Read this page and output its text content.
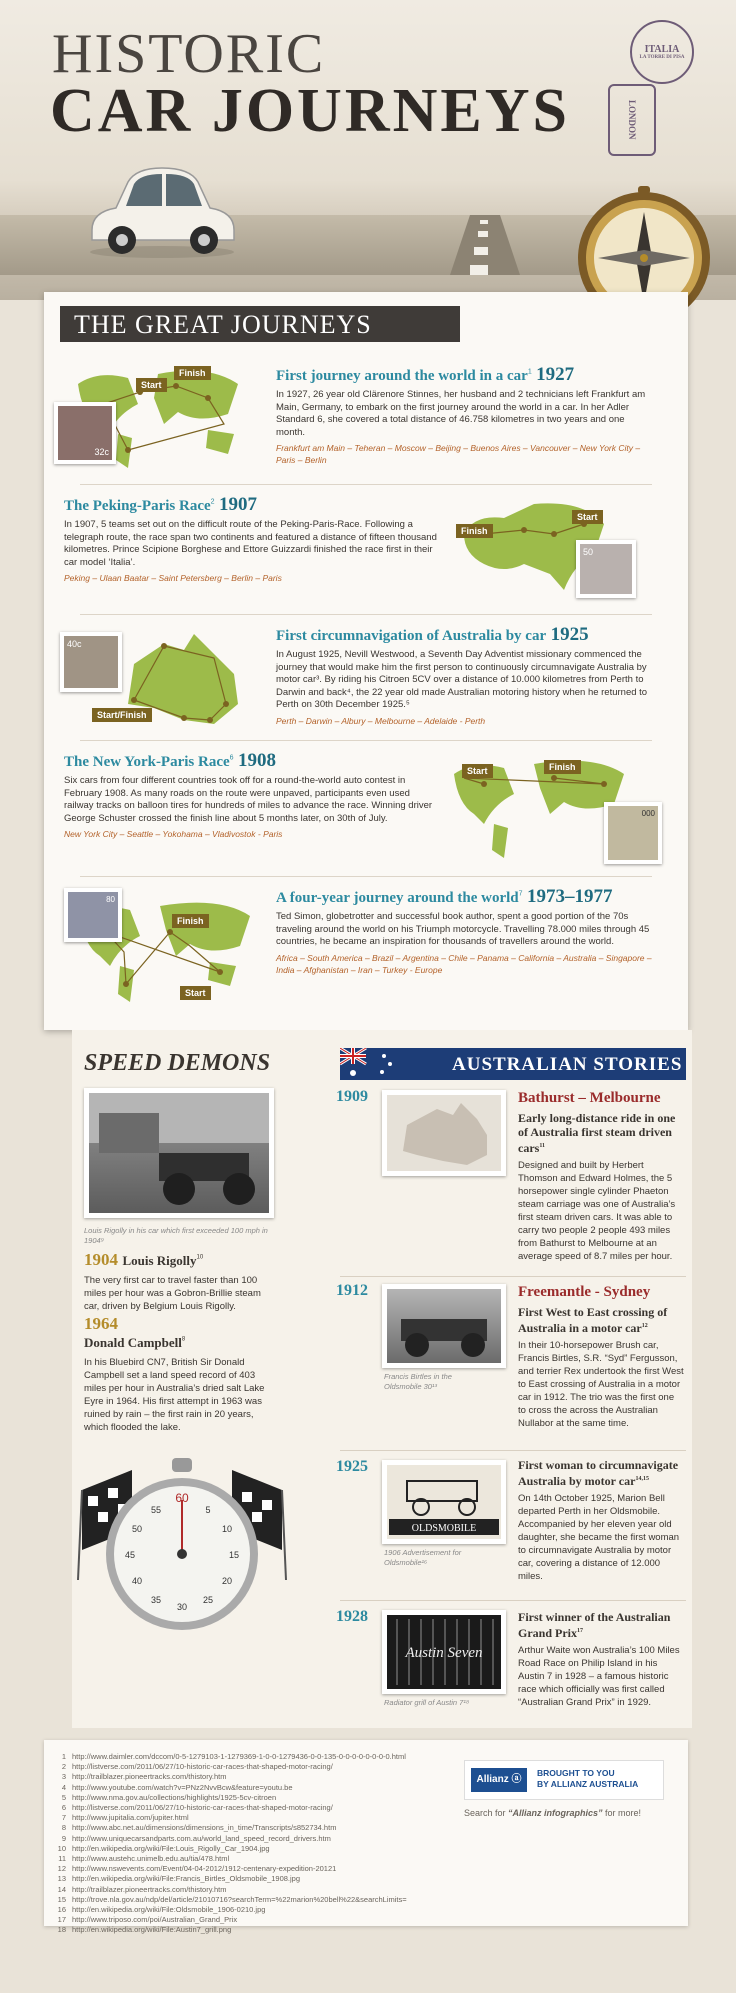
HISTORIC
CAR JOURNEYS
ITALIA
LA TORRE DI PISA
LONDON
THE GREAT JOURNEYS
Start
Finish
32c
First journey around the world in a car$^1$ 1927
In 1927, 26 year old Clärenore Stinnes, her husband and 2 technicians left Frankfurt am Main, Germany, to embark on the first journey around the world in a car. In her Adler Standard 6, she covered a total distance of 46.758 kilometres in two years and one month.
Frankfurt am Main – Teheran – Moscow – Beijing – Buenos Aires – Vancouver – New York City – Paris – Berlin
The Peking-Paris Race$^2$ 1907
In 1907, 5 teams set out on the difficult route of the Peking-Paris-Race. Following a telegraph route, the race span two continents and featured a distance of fifteen thousand kilometres. Prince Scipione Borghese and Ettore Guizzardi finished the race first in their car model ‘Italia’.
Peking – Ulaan Baatar – Saint Petersberg – Berlin – Paris
Finish
Start
50
40c
Start/Finish
First circumnavigation of Australia by car 1925
In August 1925, Nevill Westwood, a Seventh Day Adventist missionary commenced the journey that would make him the first person to continuously circumnavigate Australia by motor car³. By riding his Citroen 5CV over a distance of 10.000 kilometres from Perth to Darwin and back⁴, the 22 year old made Australian motoring history when he returned to Perth on 30th December 1925.⁵
Perth – Darwin – Albury – Melbourne – Adelaide - Perth
The New York-Paris Race$^6$ 1908
Six cars from four different countries took off for a round-the-world auto contest in February 1908. As many roads on the route were unpaved, participants even used railway tracks on balloon tires for hundreds of miles to advance the race. Winning driver George Schuster crossed the finish line about 5 months later, on 30th of July.
New York City – Seattle – Yokohama – Vladivostok - Paris
Start	Finish
000
Finish
Start
80	A four-year journey around the world$^7$ 1973–1977
Ted Simon, globetrotter and successful book author, spent a good portion of the 70s traveling around the world on his Triumph motorcycle. Travelling 78.000 miles through 45 countries, he became an inspiration for thousands of travellers around the world.
Africa – South America – Brazil – Argentina – Chile – Panama – California – Australia – Singapore – India – Afghanistan – Iran – Turkey - Europe
SPEED DEMONS
Louis Rigolly in his car which first exceeded 100 mph in 1904⁹
1904 Louis Rigolly$^{10}$
The very first car to travel faster than 100 miles per hour was a Gobron-Brillie steam car, driven by Belgium Louis Rigolly.
1964
Donald Campbell$^8$
In his Bluebird CN7, British Sir Donald Campbell set a land speed record of 403 miles per hour in Australia’s dried salt Lake Eyre in 1964. His first attempt in 1963 was ruined by rain – the first rain in 20 years, which flooded the lake.
60
5
10
15
20
25
30
35
40
45
50
55
AUSTRALIAN STORIES
1909	Bathurst – Melbourne
Early long-distance ride in one of Australia first steam driven cars$^{11}$
Designed and built by Herbert Thomson and Edward Holmes, the 5 horsepower single cylinder Phaeton steam carriage was one of Australia’s first steam driven cars. It was able to carry two people 2 people 493 miles from Bathurst to Melbourne at an average speed of 8.7 miles per hour.
1912
Francis Birtles in the Oldsmobile 30¹³
Freemantle - Sydney
First West to East crossing of Australia in a motor car$^{12}$
In their 10-horsepower Brush car, Francis Birtles, S.R. “Syd” Fergusson, and terrier Rex undertook the first West to East crossing of Australia in a motor car in 1912. The trio was the first one to cross the across the Australian Nullabor at the same time.
1925
OLDSMOBILE
1906 Advertisement for Oldsmobile¹⁶
First woman to circumnavigate Australia by motor car$^{14,15}$
On 14th October 1925, Marion Bell departed Perth in her Oldsmobile. Accompanied by her eleven year old daughter, she became the first woman to circumnavigate Australia by motor car, covering a distance of 12.000 miles.
1928
Austin Seven
Radiator grill of Austin 7¹⁸
First winner of the Australian Grand Prix$^{17}$
Arthur Waite won Australia’s 100 Miles Road Race on Philip Island in his Austin 7 in 1928 – a famous historic race which officially was first called “Australian Grand Prix” in 1929.
1 http://www.daimler.com/dccom/0-5-1279103-1-1279369-1-0-0-1279436-0-0-135-0-0-0-0-0-0-0-0.html
2 http://listverse.com/2011/06/27/10-historic-car-races-that-shaped-motor-racing/
3 http://trailblazer.pioneertracks.com/thistory.htm
4 http://www.youtube.com/watch?v=PNz2NvvBcw&feature=youtu.be
5 http://www.nma.gov.au/collections/highlights/1925-5cv-citroen
6 http://listverse.com/2011/06/27/10-historic-car-races-that-shaped-motor-racing/
7 http://www.jupitalia.com/jupiter.html
8 http://www.abc.net.au/dimensions/dimensions_in_time/Transcripts/s852734.htm
9 http://www.uniquecarsandparts.com.au/world_land_speed_record_drivers.htm
10 http://en.wikipedia.org/wiki/File:Louis_Rigolly_Car_1904.jpg
11 http://www.austehc.unimelb.edu.au/tia/478.html
12 http://www.nswevents.com/Event/04-04-2012/1912-centenary-expedition-20121
13 http://en.wikipedia.org/wiki/File:Francis_Birtles_Oldsmobile_1908.jpg
14 http://trailblazer.pioneertracks.com/thistory.htm
15 http://trove.nla.gov.au/ndp/del/article/21010716?searchTerm=%22marion%20bell%22&searchLimits=
16 http://en.wikipedia.org/wiki/File:Oldsmobile_1906-0210.jpg
17 http://www.triposo.com/poi/Australian_Grand_Prix
18 http://en.wikipedia.org/wiki/File:Austin7_grill.png
Allianz ⓐ
BROUGHT TO YOU
BY ALLIANZ AUSTRALIA
Search for “Allianz infographics” for more!
